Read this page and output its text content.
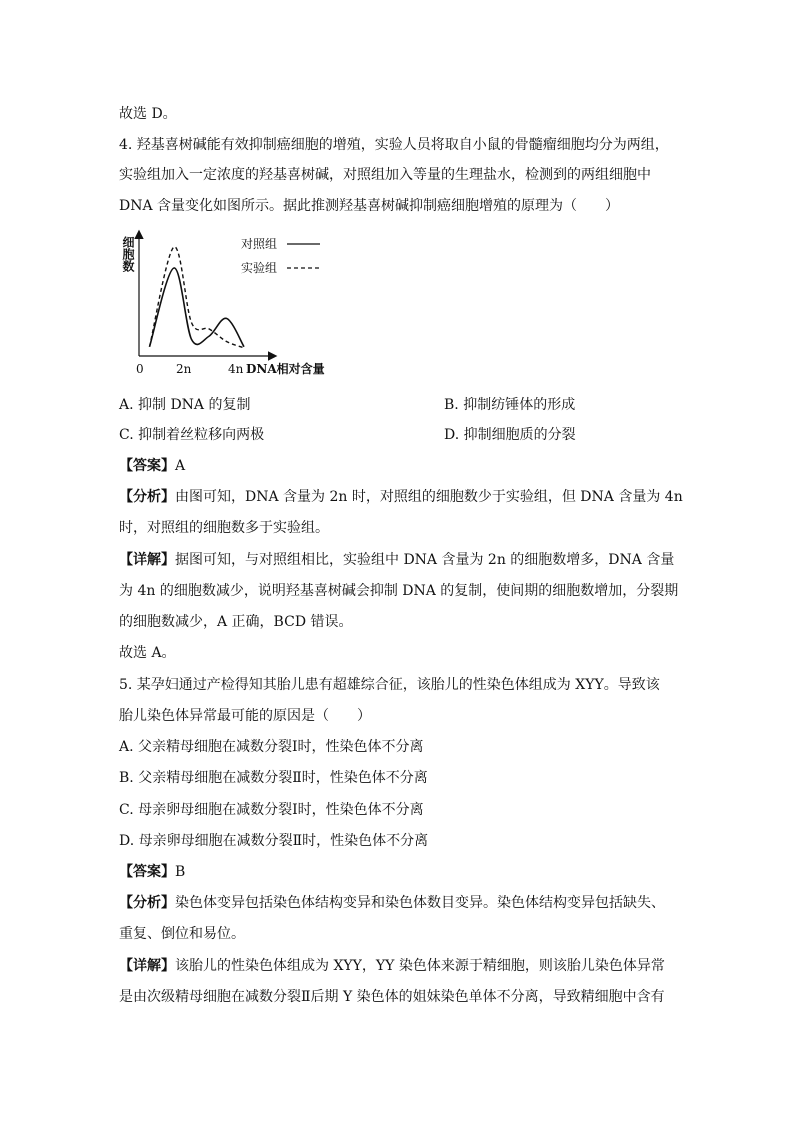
故选 D。
4. 羟基喜树碱能有效抑制癌细胞的增殖，实验人员将取自小鼠的骨髓瘤细胞均分为两组，
实验组加入一定浓度的羟基喜树碱，对照组加入等量的生理盐水，检测到的两组细胞中
DNA 含量变化如图所示。据此推测羟基喜树碱抑制癌细胞增殖的原理为（　　）
细胞数
0	2n	4n DNA相对含量
对照组
实验组
A. 抑制 DNA 的复制	B. 抑制纺锤体的形成
C. 抑制着丝粒移向两极	D. 抑制细胞质的分裂
【答案】A
【分析】由图可知，DNA 含量为 2n 时，对照组的细胞数少于实验组，但 DNA 含量为 4n
时，对照组的细胞数多于实验组。
【详解】据图可知，与对照组相比，实验组中 DNA 含量为 2n 的细胞数增多，DNA 含量
为 4n 的细胞数减少，说明羟基喜树碱会抑制 DNA 的复制，使间期的细胞数增加，分裂期
的细胞数减少，A 正确，BCD 错误。
故选 A。
5. 某孕妇通过产检得知其胎儿患有超雄综合征，该胎儿的性染色体组成为 XYY。导致该
胎儿染色体异常最可能的原因是（　　）
A. 父亲精母细胞在减数分裂Ⅰ时，性染色体不分离
B. 父亲精母细胞在减数分裂Ⅱ时，性染色体不分离
C. 母亲卵母细胞在减数分裂Ⅰ时，性染色体不分离
D. 母亲卵母细胞在减数分裂Ⅱ时，性染色体不分离
【答案】B
【分析】染色体变异包括染色体结构变异和染色体数目变异。染色体结构变异包括缺失、
重复、倒位和易位。
【详解】该胎儿的性染色体组成为 XYY，YY 染色体来源于精细胞，则该胎儿染色体异常
是由次级精母细胞在减数分裂Ⅱ后期 Y 染色体的姐妹染色单体不分离，导致精细胞中含有
